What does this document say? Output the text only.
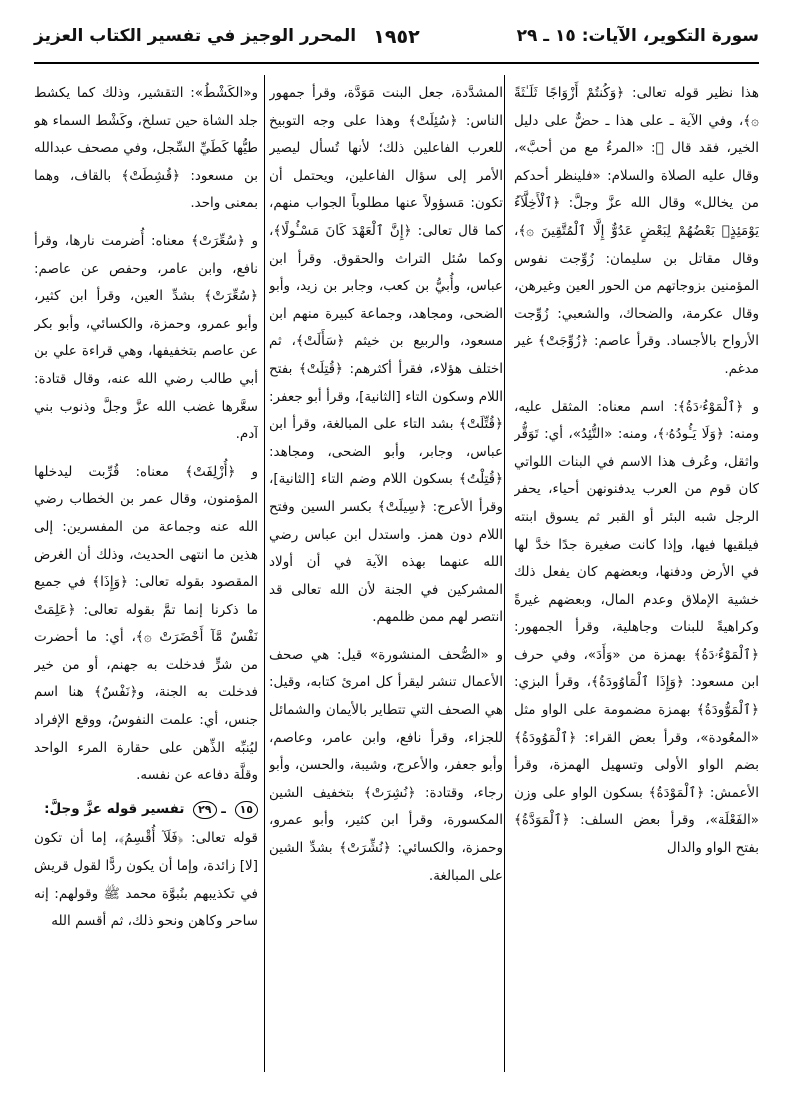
سورة التكوير، الآيات: ١٥ ـ ٢٩
١٩٥٢
المحرر الوجيز في تفسير الكتاب العزيز

هذا نظير قوله تعالى: ﴿وَكُنتُمْ أَزْوَاجًا ثَلَـٰثَةً ۞﴾، وفي الآية ـ على هذا ـ حضٌّ على دليل الخير، فقد قال ﷺ: «المرءُ مع من أحبَّ»، وقال عليه الصلاة والسلام: «فلينظر أحدكم من يخالل» وقال الله عزَّ وجلَّ: ﴿ٱلْأَخِلَّآءُ يَوْمَئِذٍۭ بَعْضُهُمْ لِبَعْضٍ عَدُوٌّ إِلَّا ٱلْمُتَّقِينَ ۞﴾، وقال مقاتل بن سليمان: زُوِّجت نفوس المؤمنين بزوجاتهم من الحور العين وغيرهن، وقال عكرمة، والضحاك، والشعبي: زُوِّجت الأرواح بالأجساد. وقرأ عاصم: ﴿زُوِّجَتْ﴾ غير مدغم.

و ﴿ٱلْمَوْءُۥدَةُ﴾: اسم معناه: المثقل عليه، ومنه: ﴿وَلَا يَـُٔودُهُۥ﴾، ومنه: «التُّئِدُ»، أي: تَوَقُّر واثقل، وعُرف هذا الاسم في البنات اللواتي كان قوم من العرب يدفنونهن أحياء، يحفر الرجل شبه البئر أو القبر ثم يسوق ابنته فيلقيها فيها، وإذا كانت صغيرة جدًا خدَّ لها في الأرض ودفنها، وبعضهم كان يفعل ذلك خشية الإملاق وعدم المال، وبعضهم غيرةً وكراهيةً للبنات وجاهلية، وقرأ الجمهور: ﴿ٱلْمَوْءُۥدَةُ﴾ بهمزة من «وَأَدَ»، وفي حرف ابن مسعود: ﴿وَإِذَا ٱلْمَاوُودَةُ﴾، وقرأ البزي: ﴿ٱلْمَوُّودَةُ﴾ بهمزة مضمومة على الواو مثل «المعُودة»، وقرأ بعض القراء: ﴿ٱلْمَوُودَةُ﴾ بضم الواو الأولى وتسهيل الهمزة، وقرأ الأعمش: ﴿ٱلْمَوْدَةُ﴾ بسكون الواو على وزن «الفَعْلَة»، وقرأ بعض السلف: ﴿ٱلْمَوَدَّةُ﴾ بفتح الواو والدال

المشدَّدة، جعل البنت مَوَدَّة، وقرأ جمهور الناس: ﴿سُئِلَتْ﴾ وهذا على وجه التوبيخ للعرب الفاعلين ذلك؛ لأنها تُسأل ليصير الأمر إلى سؤال الفاعلين، ويحتمل أن تكون: مَسؤولاً عنها مطلوباً الجواب منهم، كما قال تعالى: ﴿إِنَّ ٱلْعَهْدَ كَانَ مَسْـُٔولًا﴾، وكما سُئل التراث والحقوق. وقرأ ابن عباس، وأُبيُّ بن كعب، وجابر بن زيد، وأبو الضحى، ومجاهد، وجماعة كبيرة منهم ابن مسعود، والربيع بن خيثم ﴿سَأَلَتْ﴾، ثم اختلف هؤلاء، فقرأ أكثرهم: ﴿قُتِلَتْ﴾ بفتح اللام وسكون التاء [الثانية]، وقرأ أبو جعفر: ﴿قُتِّلَتْ﴾ بشد التاء على المبالغة، وقرأ ابن عباس، وجابر، وأبو الضحى، ومجاهد: ﴿قُتِلْتُ﴾ بسكون اللام وضم التاء [الثانية]، وقرأ الأعرج: ﴿سِيلَتْ﴾ بكسر السين وفتح اللام دون همز. واستدل ابن عباس رضي الله عنهما بهذه الآية في أن أولاد المشركين في الجنة لأن الله تعالى قد انتصر لهم ممن ظلمهم.

و «الصُّحف المنشورة» قيل: هي صحف الأعمال تنشر ليقرأ كل امرئ كتابه، وقيل: هي الصحف التي تتطاير بالأيمان والشمائل للجزاء، وقرأ نافع، وابن عامر، وعاصم، وأبو جعفر، والأعرج، وشيبة، والحسن، وأبو رجاء، وقتادة: ﴿نُشِرَتْ﴾ بتخفيف الشين المكسورة، وقرأ ابن كثير، وأبو عمرو، وحمزة، والكسائي: ﴿نُشِّرَتْ﴾ بشدِّ الشين على المبالغة.

و«الكَشْطُ»: التقشير، وذلك كما يكشط جلد الشاة حين تسلخ، وكَشْط السماء هو طيُّها كَطَيِّ السِّجل، وفي مصحف عبدالله بن مسعود: ﴿قُشِطَتْ﴾ بالقاف، وهما بمعنى واحد.

و ﴿سُعِّرَتْ﴾ معناه: أُضرمت نارها، وقرأ نافع، وابن عامر، وحفص عن عاصم: ﴿سُعِّرَتْ﴾ بشدِّ العين، وقرأ ابن كثير، وأبو عمرو، وحمزة، والكسائي، وأبو بكر عن عاصم بتخفيفها، وهي قراءة علي بن أبي طالب رضي الله عنه، وقال قتادة: سعَّرها غضب الله عزَّ وجلَّ وذنوب بني آدم.

و ﴿أُزْلِفَتْ﴾ معناه: قُرِّبت ليدخلها المؤمنون، وقال عمر بن الخطاب رضي الله عنه وجماعة من المفسرين: إلى هذين ما انتهى الحديث، وذلك أن الغرض المقصود بقوله تعالى: ﴿وَإِذَا﴾ في جميع ما ذكرنا إنما تمَّ بقوله تعالى: ﴿عَلِمَتْ نَفْسٌ مَّآ أَحْضَرَتْ ۞﴾، أي: ما أحضرت من شرٍّ فدخلت به جهنم، أو من خير فدخلت به الجنة، و﴿نَفْسٌ﴾ هنا اسم جنس، أي: علمت النفوسُ، ووقع الإفراد ليُنبِّه الذِّهن على حقارة المرء الواحد وقلَّة دفاعه عن نفسه.

١٥ ـ ٢٩ تفسير قوله عزَّ وجلَّ:

قوله تعالى: ﴿فَلَآ أُقْسِمُ﴾، إما أن تكون [لا] زائدة، وإما أن يكون ردًّا لقول قريش في تكذيبهم بنُبوَّة محمد ﷺ وقولهم: إنه ساحر وكاهن ونحو ذلك، ثم أقسم الله
